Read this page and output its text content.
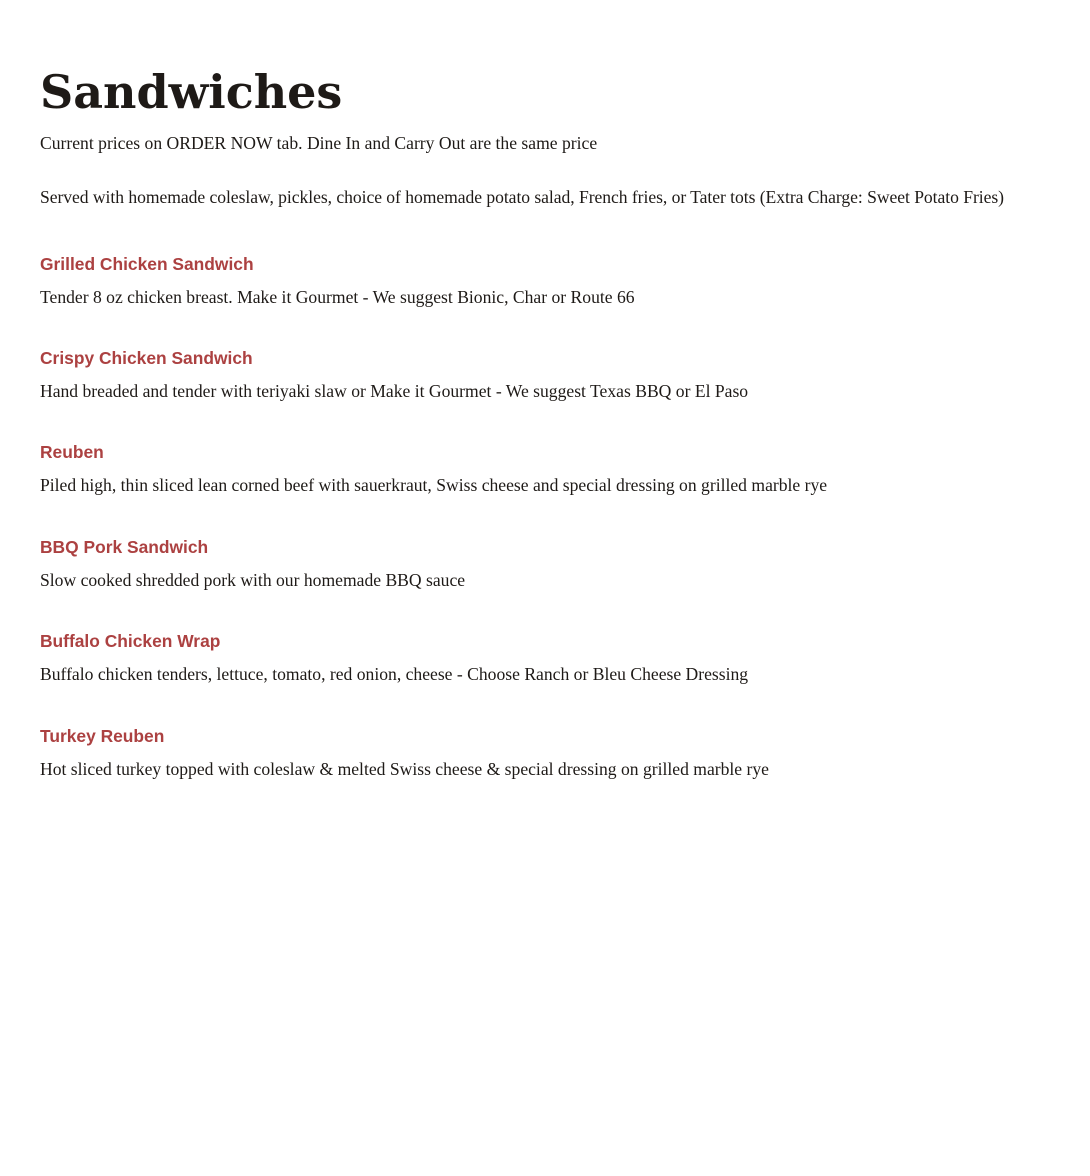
Sandwiches

Current prices on ORDER NOW tab. Dine In and Carry Out are the same price

Served with homemade coleslaw, pickles, choice of homemade potato salad, French fries, or Tater tots (Extra Charge: Sweet Potato Fries)

Grilled Chicken Sandwich

Tender 8 oz chicken breast. Make it Gourmet - We suggest Bionic, Char or Route 66

Crispy Chicken Sandwich

Hand breaded and tender with teriyaki slaw or Make it Gourmet - We suggest Texas BBQ or El Paso

Reuben

Piled high, thin sliced lean corned beef with sauerkraut, Swiss cheese and special dressing on grilled marble rye

BBQ Pork Sandwich

Slow cooked shredded pork with our homemade BBQ sauce

Buffalo Chicken Wrap

Buffalo chicken tenders, lettuce, tomato, red onion, cheese - Choose Ranch or Bleu Cheese Dressing

Turkey Reuben

Hot sliced turkey topped with coleslaw & melted Swiss cheese & special dressing on grilled marble rye
